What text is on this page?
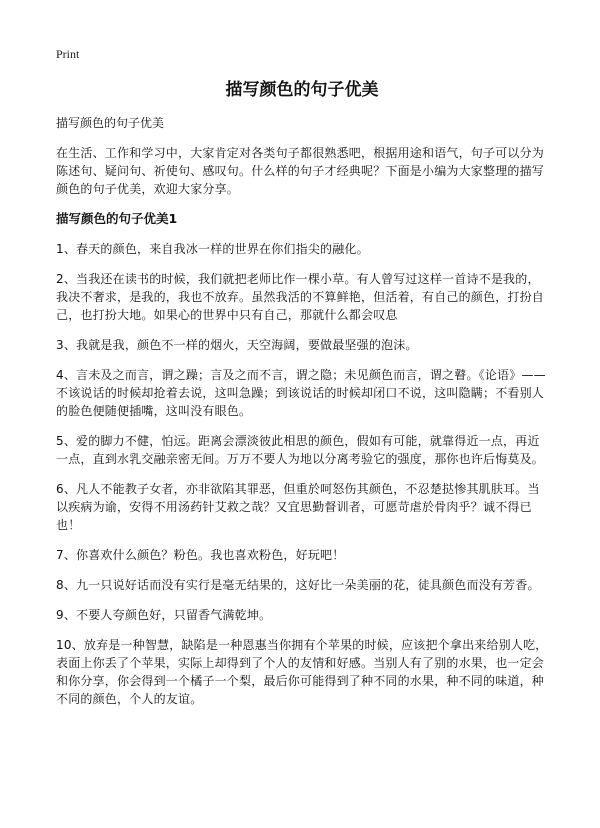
Print
描写颜色的句子优美

描写颜色的句子优美

在生活、工作和学习中，大家肯定对各类句子都很熟悉吧，根据用途和语气，句子可以分为陈述句、疑问句、祈使句、感叹句。什么样的句子才经典呢？下面是小编为大家整理的描写颜色的句子优美，欢迎大家分享。

描写颜色的句子优美1

1、春天的颜色，来自我冰一样的世界在你们指尖的融化。
2、当我还在读书的时候，我们就把老师比作一棵小草。有人曾写过这样一首诗不是我的，我决不奢求，是我的，我也不放弃。虽然我活的不算鲜艳，但活着，有自己的颜色，打扮自己，也打扮大地。如果心的世界中只有自己，那就什么都会叹息
3、我就是我，颜色不一样的烟火，天空海阔，要做最坚强的泡沫。
4、言未及之而言，谓之躁；言及之而不言，谓之隐；未见颜色而言，谓之瞽。《论语》——不该说话的时候却抢着去说，这叫急躁；到该说话的时候却闭口不说，这叫隐瞒；不看别人的脸色便随便插嘴，这叫没有眼色。
5、爱的脚力不健，怕远。距离会漂淡彼此相思的颜色，假如有可能，就靠得近一点，再近一点，直到水乳交融亲密无间。万万不要人为地以分离考验它的强度，那你也许后悔莫及。
6、凡人不能教子女者，亦非欲陷其罪恶，但重於呵怒伤其颜色，不忍楚挞惨其肌肤耳。当以疾病为谕，安得不用汤药针艾救之哉？又宜思勤督训者，可愿苛虐於骨肉乎？诚不得已也！
7、你喜欢什么颜色？粉色。我也喜欢粉色，好玩吧！
8、九一只说好话而没有实行是毫无结果的，这好比一朵美丽的花，徒具颜色而没有芳香。
9、不要人夸颜色好，只留香气满乾坤。
10、放弃是一种智慧，缺陷是一种恩惠当你拥有个苹果的时候，应该把个拿出来给别人吃，表面上你丢了个苹果，实际上却得到了个人的友情和好感。当别人有了别的水果，也一定会和你分享，你会得到一个橘子一个梨，最后你可能得到了种不同的水果，种不同的味道，种不同的颜色，个人的友谊。
